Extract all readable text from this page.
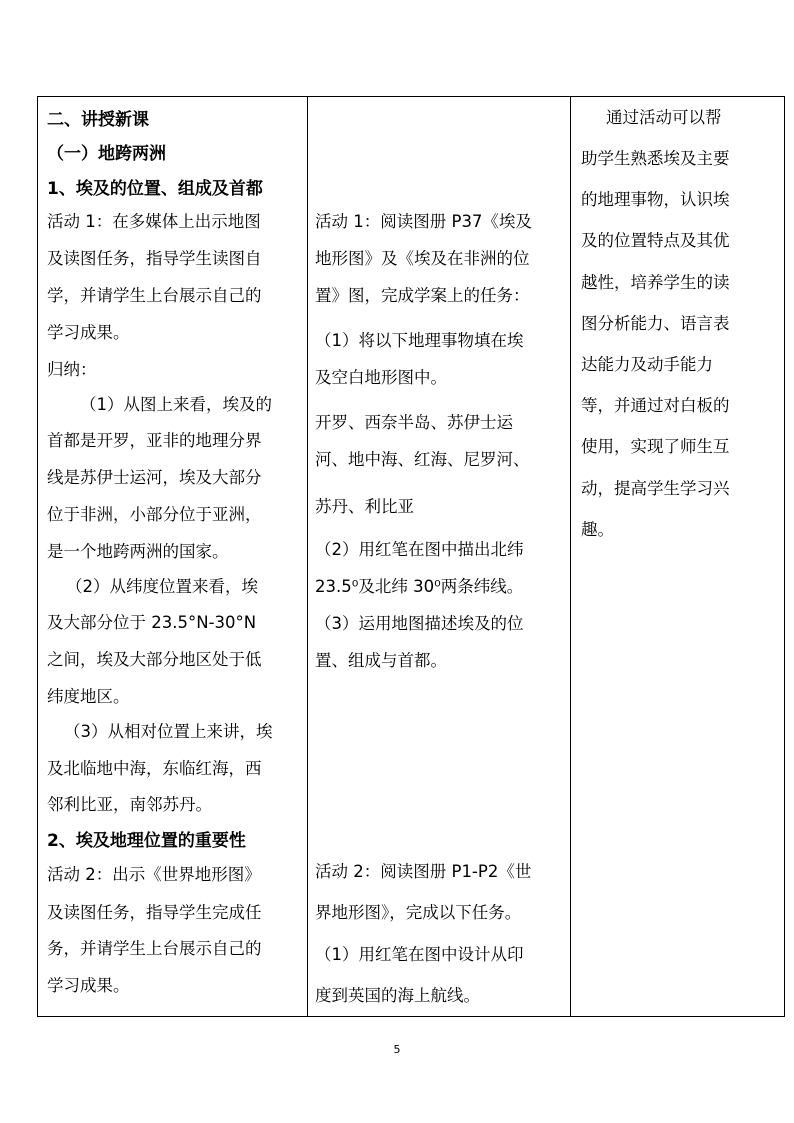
二、讲授新课
（一）地跨两洲
1、埃及的位置、组成及首都
活动 1：在多媒体上出示地图
及读图任务，指导学生读图自
学，并请学生上台展示自己的
学习成果。
归纳：
（1）从图上来看，埃及的
首都是开罗，亚非的地理分界
线是苏伊士运河，埃及大部分
位于非洲，小部分位于亚洲，
是一个地跨两洲的国家。
（2）从纬度位置来看，埃
及大部分位于 23.5°N-30°N
之间，埃及大部分地区处于低
纬度地区。
（3）从相对位置上来讲，埃
及北临地中海，东临红海，西
邻利比亚，南邻苏丹。
2、埃及地理位置的重要性
活动 2：出示《世界地形图》
及读图任务，指导学生完成任
务，并请学生上台展示自己的
学习成果。
活动 1：阅读图册 P37《埃及
地形图》及《埃及在非洲的位
置》图，完成学案上的任务：
（1）将以下地理事物填在埃
及空白地形图中。
开罗、西奈半岛、苏伊士运
河、地中海、红海、尼罗河、
苏丹、利比亚
（2）用红笔在图中描出北纬
23.5⁰及北纬 30⁰两条纬线。
（3）运用地图描述埃及的位
置、组成与首都。
活动 2：阅读图册 P1-P2《世
界地形图》，完成以下任务。
（1）用红笔在图中设计从印
度到英国的海上航线。
通过活动可以帮
助学生熟悉埃及主要
的地理事物，认识埃
及的位置特点及其优
越性，培养学生的读
图分析能力、语言表
达能力及动手能力
等，并通过对白板的
使用，实现了师生互
动，提高学生学习兴
趣。
5
